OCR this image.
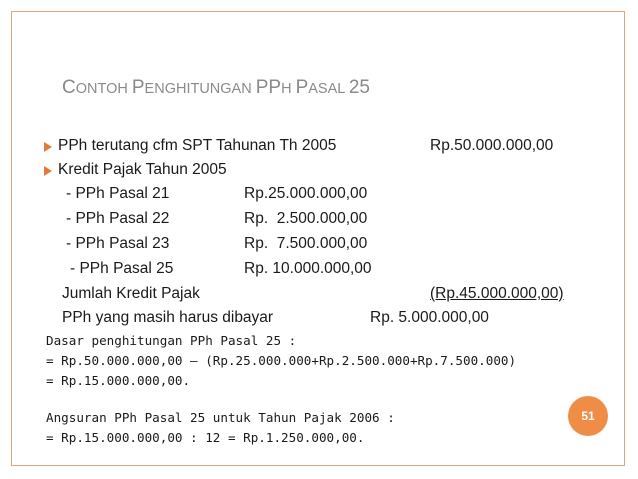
CONTOH PENGHITUNGAN PPH PASAL 25
PPh terutang cfm SPT Tahunan Th 2005	Rp.50.000.000,00
Kredit Pajak Tahun 2005
- PPh Pasal 21	Rp.25.000.000,00
- PPh Pasal 22	Rp.  2.500.000,00
- PPh Pasal 23	Rp.  7.500.000,00
- PPh Pasal 25	Rp. 10.000.000,00
Jumlah Kredit Pajak	(Rp.45.000.000,00)
PPh yang masih harus dibayar	Rp. 5.000.000,00
Dasar penghitungan PPh Pasal 25 :
= Rp.50.000.000,00 – (Rp.25.000.000+Rp.2.500.000+Rp.7.500.000)
= Rp.15.000.000,00.
Angsuran PPh Pasal 25 untuk Tahun Pajak 2006 :
= Rp.15.000.000,00 : 12 = Rp.1.250.000,00.
51
